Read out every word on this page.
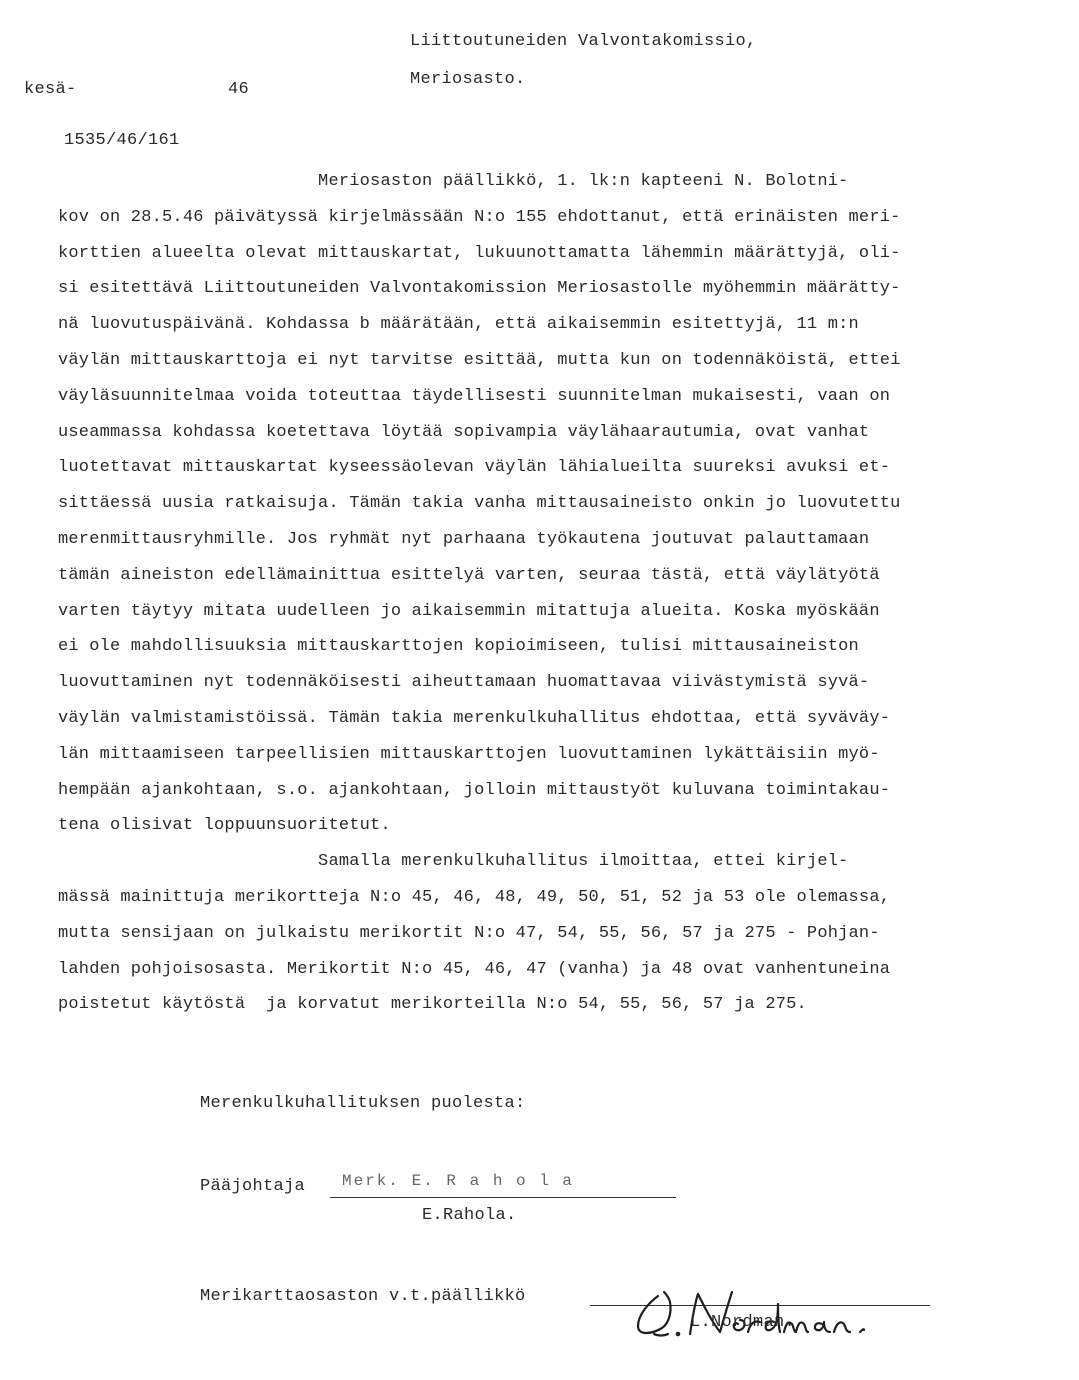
Liittoutuneiden Valvontakomissio,
Meriosasto.
kesä-	46
1535/46/161
Meriosaston päällikkö, 1. lk:n kapteeni N. Bolotni-
kov on 28.5.46 päivätyssä kirjelmässään N:o 155 ehdottanut, että erinäisten meri-
korttien alueelta olevat mittauskartat, lukuunottamatta lähemmin määrättyjä, oli-
si esitettävä Liittoutuneiden Valvontakomission Meriosastolle myöhemmin määrätty-
nä luovutuspäivänä. Kohdassa b määrätään, että aikaisemmin esitettyjä, 11 m:n
väylän mittauskarttoja ei nyt tarvitse esittää, mutta kun on todennäköistä, ettei
väyläsuunnitelmaa voida toteuttaa täydellisesti suunnitelman mukaisesti, vaan on
useammassa kohdassa koetettava löytää sopivampia väylähaarautumia, ovat vanhat
luotettavat mittauskartat kyseessäolevan väylän lähialueilta suureksi avuksi et-
sittäessä uusia ratkaisuja. Tämän takia vanha mittausaineisto onkin jo luovutettu
merenmittausryhmille. Jos ryhmät nyt parhaana työkautena joutuvat palauttamaan
tämän aineiston edellämainittua esittelyä varten, seuraa tästä, että väylätyötä
varten täytyy mitata uudelleen jo aikaisemmin mitattuja alueita. Koska myöskään
ei ole mahdollisuuksia mittauskarttojen kopioimiseen, tulisi mittausaineiston
luovuttaminen nyt todennäköisesti aiheuttamaan huomattavaa viivästymistä syvä-
väylän valmistamistöissä. Tämän takia merenkulkuhallitus ehdottaa, että syväväy-
län mittaamiseen tarpeellisien mittauskarttojen luovuttaminen lykättäisiin myö-
hempään ajankohtaan, s.o. ajankohtaan, jolloin mittaustyöt kuluvana toimintakau-
tena olisivat loppuunsuoritetut.
Samalla merenkulkuhallitus ilmoittaa, ettei kirjel-
mässä mainittuja merikortteja N:o 45, 46, 48, 49, 50, 51, 52 ja 53 ole olemassa,
mutta sensijaan on julkaistu merikortit N:o 47, 54, 55, 56, 57 ja 275 - Pohjan-
lahden pohjoisosasta. Merikortit N:o 45, 46, 47 (vanha) ja 48 ovat vanhentuneina
poistetut käytöstä  ja korvatut merikorteilla N:o 54, 55, 56, 57 ja 275.
Merenkulkuhallituksen puolesta:
Pääjohtaja Merk. E. R a h o l a
E.Rahola.
Merikarttaosaston v.t.päällikkö

L.Nordman.
